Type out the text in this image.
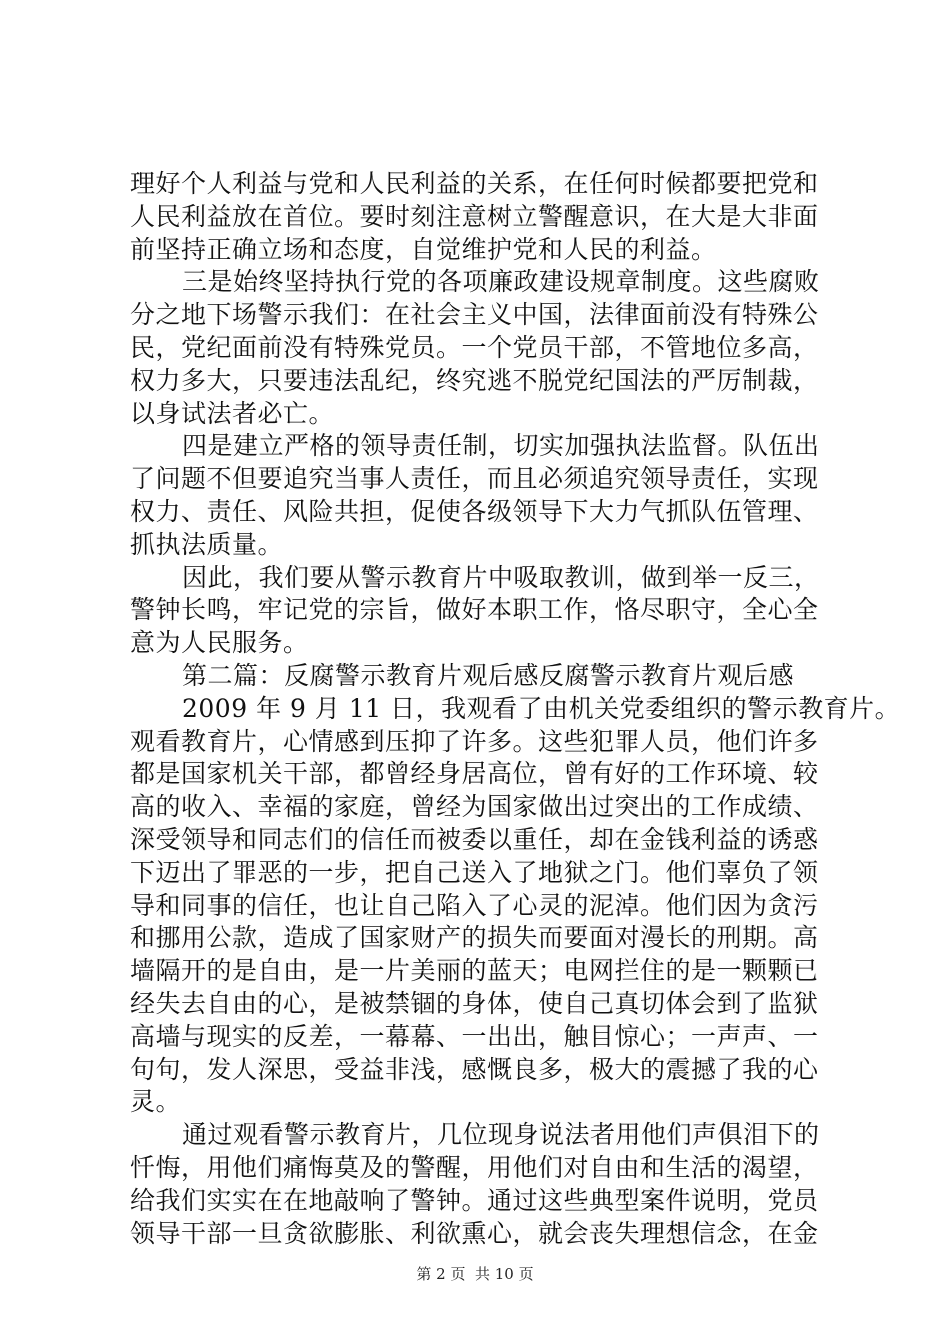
理好个人利益与党和人民利益的关系，在任何时候都要把党和
人民利益放在首位。要时刻注意树立警醒意识，在大是大非面
前坚持正确立场和态度，自觉维护党和人民的利益。
三是始终坚持执行党的各项廉政建设规章制度。这些腐败
分之地下场警示我们：在社会主义中国，法律面前没有特殊公
民，党纪面前没有特殊党员。一个党员干部，不管地位多高，
权力多大，只要违法乱纪，终究逃不脱党纪国法的严厉制裁，
以身试法者必亡。
四是建立严格的领导责任制，切实加强执法监督。队伍出
了问题不但要追究当事人责任，而且必须追究领导责任，实现
权力、责任、风险共担，促使各级领导下大力气抓队伍管理、
抓执法质量。
因此，我们要从警示教育片中吸取教训，做到举一反三，
警钟长鸣，牢记党的宗旨，做好本职工作，恪尽职守，全心全
意为人民服务。
第二篇：反腐警示教育片观后感反腐警示教育片观后感
2009 年 9 月 11 日，我观看了由机关党委组织的警示教育片。
观看教育片，心情感到压抑了许多。这些犯罪人员，他们许多
都是国家机关干部，都曾经身居高位，曾有好的工作环境、较
高的收入、幸福的家庭，曾经为国家做出过突出的工作成绩、
深受领导和同志们的信任而被委以重任，却在金钱利益的诱惑
下迈出了罪恶的一步，把自己送入了地狱之门。他们辜负了领
导和同事的信任，也让自己陷入了心灵的泥淖。他们因为贪污
和挪用公款，造成了国家财产的损失而要面对漫长的刑期。高
墙隔开的是自由，是一片美丽的蓝天；电网拦住的是一颗颗已
经失去自由的心，是被禁锢的身体，使自己真切体会到了监狱
高墙与现实的反差，一幕幕、一出出，触目惊心；一声声、一
句句，发人深思，受益非浅，感慨良多，极大的震撼了我的心
灵。
通过观看警示教育片，几位现身说法者用他们声俱泪下的
忏悔，用他们痛悔莫及的警醒，用他们对自由和生活的渴望，
给我们实实在在地敲响了警钟。通过这些典型案件说明，党员
领导干部一旦贪欲膨胀、利欲熏心，就会丧失理想信念，在金
第 2 页  共 10 页
